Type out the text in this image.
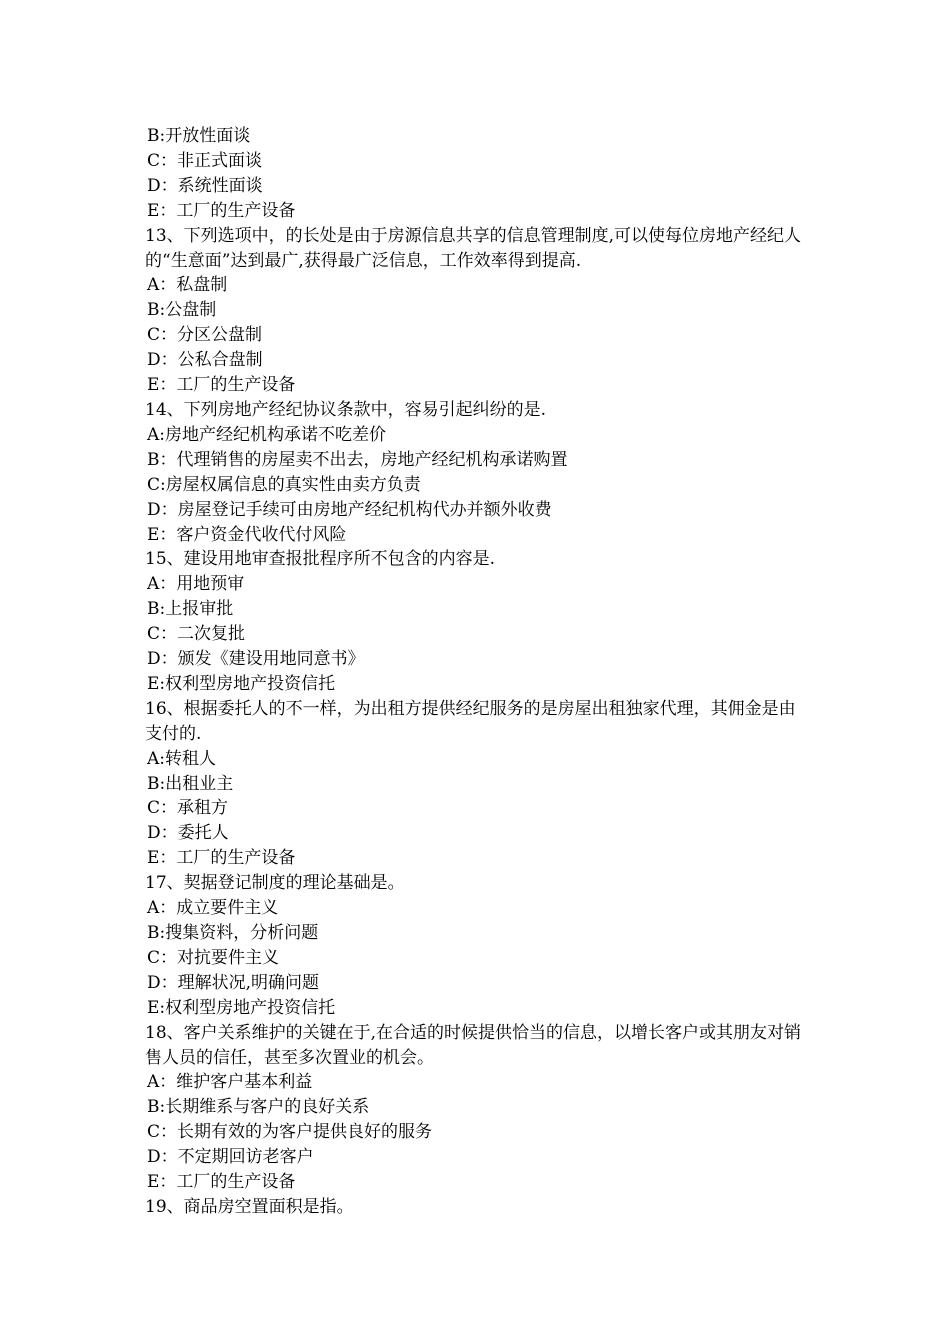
B:开放性面谈

C：非正式面谈

D：系统性面谈

E：工厂的生产设备

13、下列选项中，的长处是由于房源信息共享的信息管理制度,可以使每位房地产经纪人的“生意面”达到最广,获得最广泛信息，工作效率得到提高.

A：私盘制

B:公盘制

C：分区公盘制

D：公私合盘制

E：工厂的生产设备

14、下列房地产经纪协议条款中，容易引起纠纷的是.

A:房地产经纪机构承诺不吃差价

B：代理销售的房屋卖不出去，房地产经纪机构承诺购置

C:房屋权属信息的真实性由卖方负责

D：房屋登记手续可由房地产经纪机构代办并额外收费

E：客户资金代收代付风险

15、建设用地审查报批程序所不包含的内容是.

A：用地预审

B:上报审批

C：二次复批

D：颁发《建设用地同意书》

E:权利型房地产投资信托

16、根据委托人的不一样，为出租方提供经纪服务的是房屋出租独家代理，其佣金是由支付的.

A:转租人

B:出租业主

C：承租方

D：委托人

E：工厂的生产设备

17、契据登记制度的理论基础是。

A：成立要件主义

B:搜集资料，分析问题

C：对抗要件主义

D：理解状况,明确问题

E:权利型房地产投资信托

18、客户关系维护的关键在于,在合适的时候提供恰当的信息，以增长客户或其朋友对销售人员的信任，甚至多次置业的机会。

A：维护客户基本利益

B:长期维系与客户的良好关系

C：长期有效的为客户提供良好的服务

D：不定期回访老客户

E：工厂的生产设备

19、商品房空置面积是指。
